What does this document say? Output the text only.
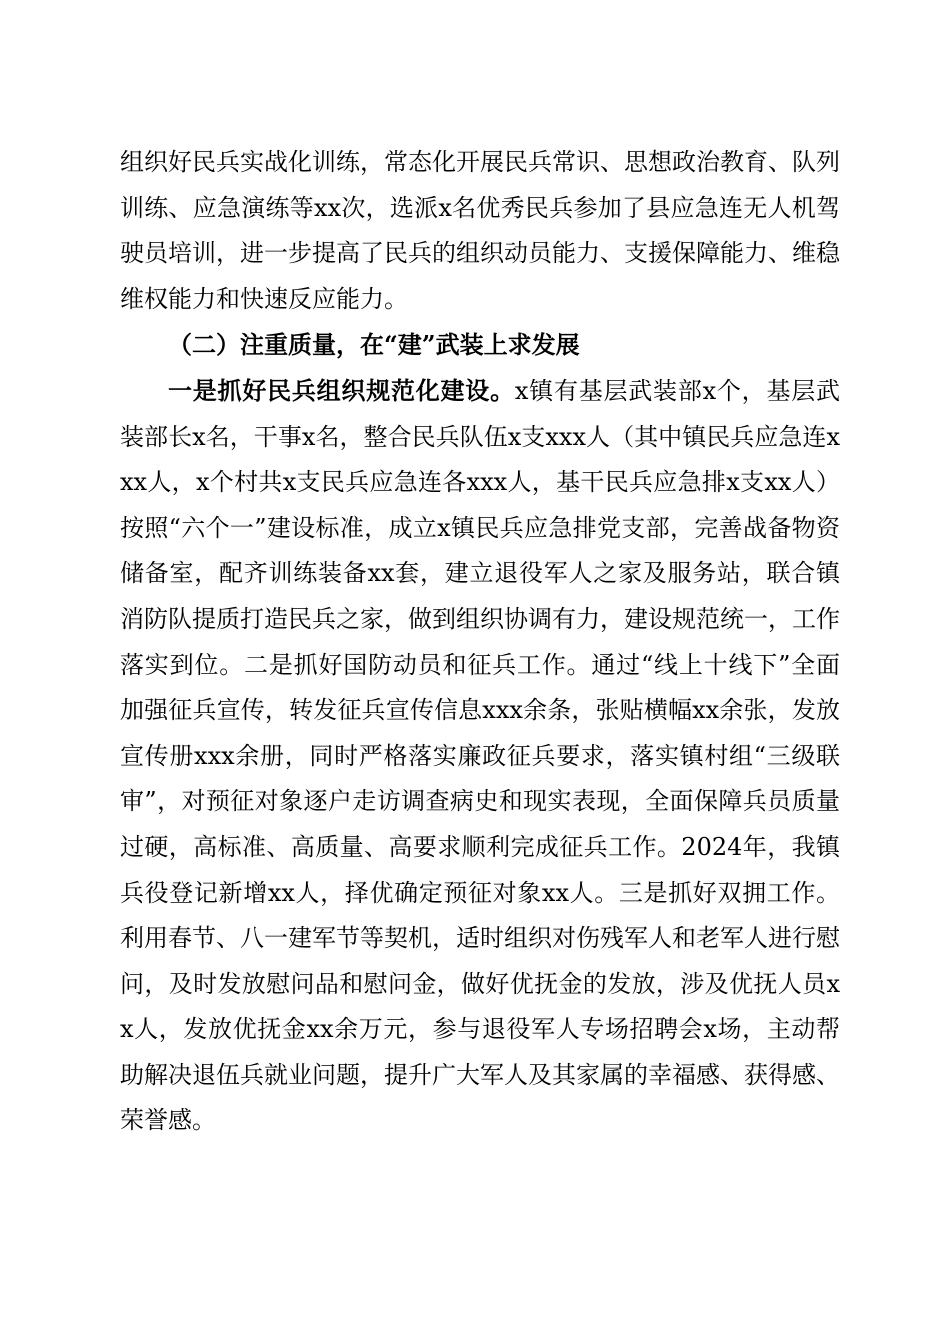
组织好民兵实战化训练，常态化开展民兵常识、思想政治教育、队列训练、应急演练等xx次，选派x名优秀民兵参加了县应急连无人机驾驶员培训，进一步提高了民兵的组织动员能力、支援保障能力、维稳维权能力和快速反应能力。

（二）注重质量，在“建”武装上求发展

一是抓好民兵组织规范化建设。x镇有基层武装部x个，基层武装部长x名，干事x名，整合民兵队伍x支xxx人（其中镇民兵应急连xxx人，x个村共x支民兵应急连各xxx人，基干民兵应急排x支xx人）按照“六个一”建设标准，成立x镇民兵应急排党支部，完善战备物资储备室，配齐训练装备xx套，建立退役军人之家及服务站，联合镇消防队提质打造民兵之家，做到组织协调有力，建设规范统一，工作落实到位。二是抓好国防动员和征兵工作。通过“线上十线下”全面加强征兵宣传，转发征兵宣传信息xxx余条，张贴横幅xx余张，发放宣传册xxx余册，同时严格落实廉政征兵要求，落实镇村组“三级联审”，对预征对象逐户走访调查病史和现实表现，全面保障兵员质量过硬，高标准、高质量、高要求顺利完成征兵工作。2024年，我镇兵役登记新增xx人，择优确定预征对象xx人。三是抓好双拥工作。利用春节、八一建军节等契机，适时组织对伤残军人和老军人进行慰问，及时发放慰问品和慰问金，做好优抚金的发放，涉及优抚人员xx人，发放优抚金xx余万元，参与退役军人专场招聘会x场，主动帮助解决退伍兵就业问题，提升广大军人及其家属的幸福感、获得感、荣誉感。
